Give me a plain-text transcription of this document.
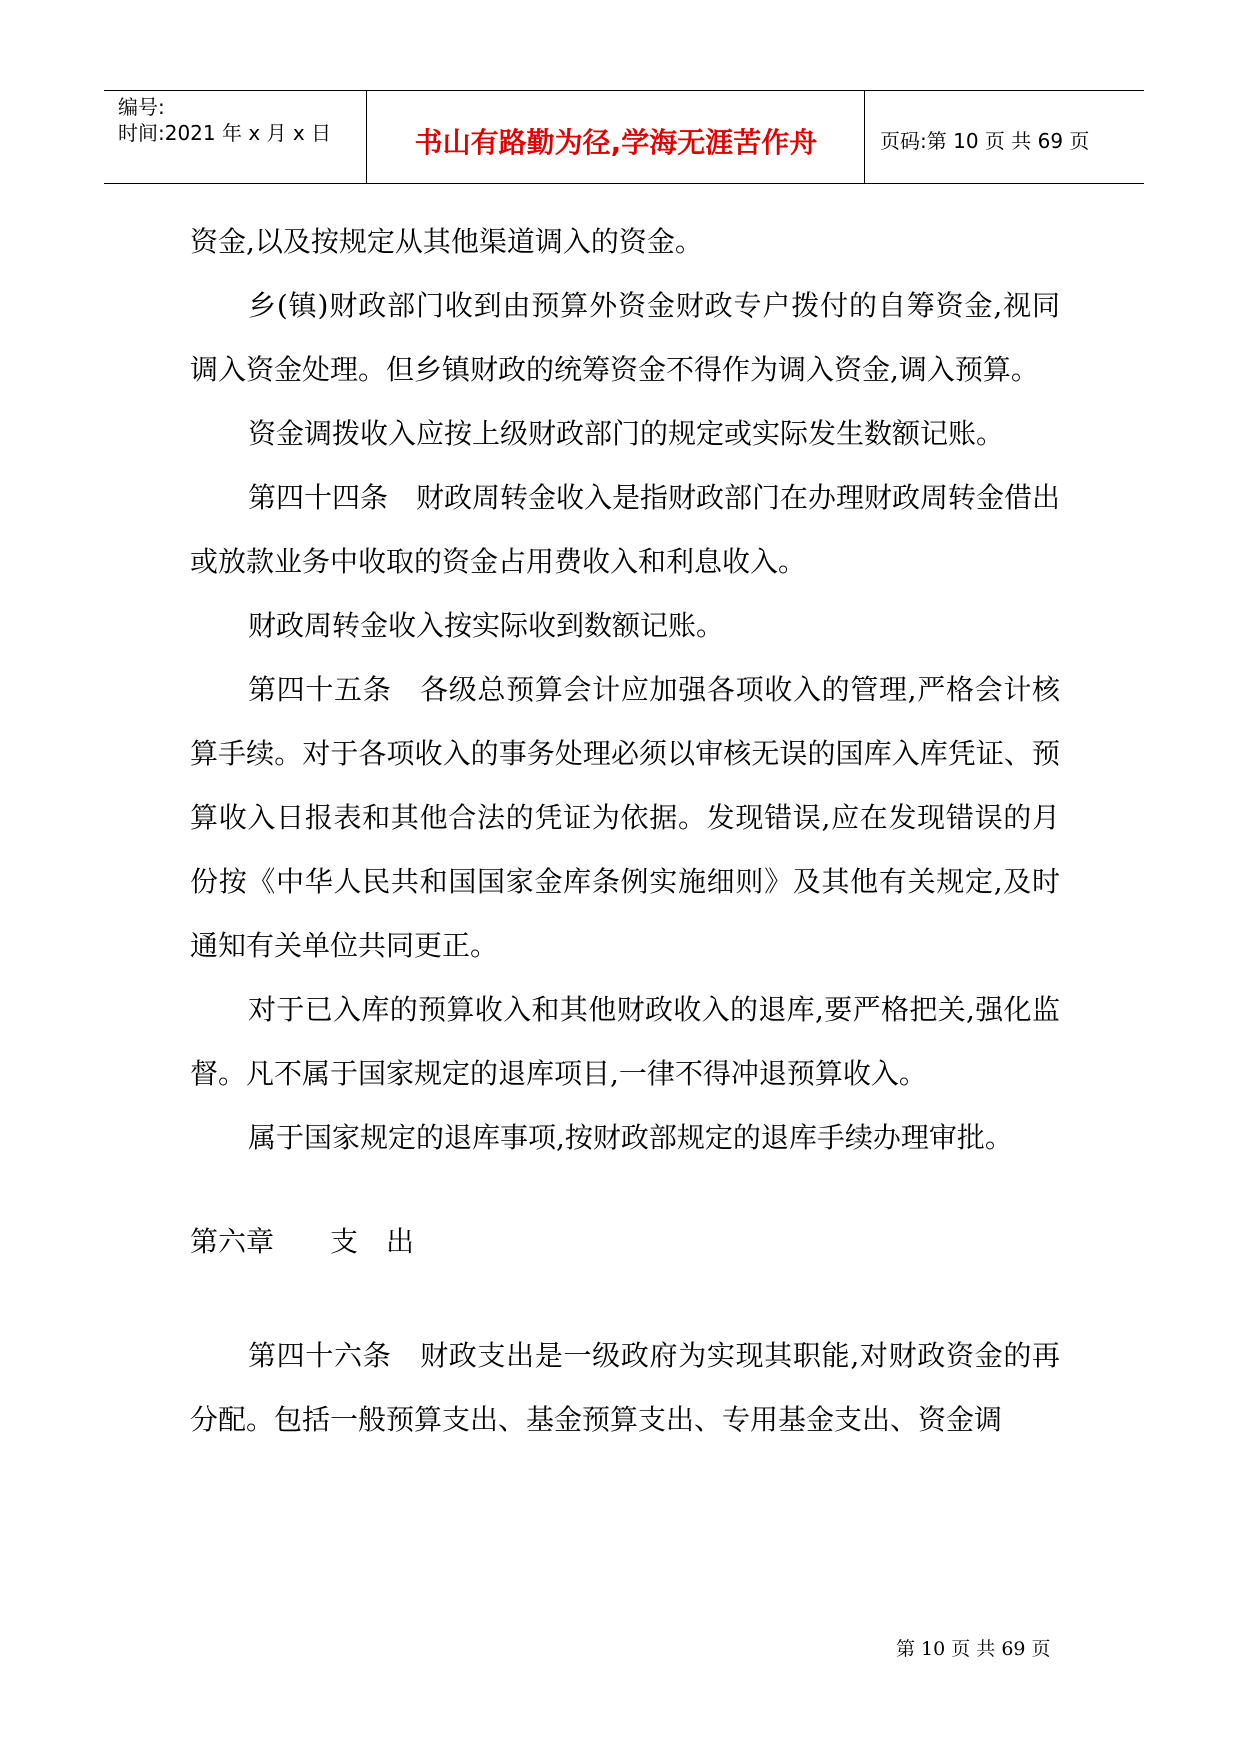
编号:
时间:2021 年 x 月 x 日	书山有路勤为径,学海无涯苦作舟	页码:第 10 页 共 69 页

资金,以及按规定从其他渠道调入的资金。

乡(镇)财政部门收到由预算外资金财政专户拨付的自筹资金,视同调入资金处理。但乡镇财政的统筹资金不得作为调入资金,调入预算。

资金调拨收入应按上级财政部门的规定或实际发生数额记账。

第四十四条　财政周转金收入是指财政部门在办理财政周转金借出或放款业务中收取的资金占用费收入和利息收入。

财政周转金收入按实际收到数额记账。

第四十五条　各级总预算会计应加强各项收入的管理,严格会计核算手续。对于各项收入的事务处理必须以审核无误的国库入库凭证、预算收入日报表和其他合法的凭证为依据。发现错误,应在发现错误的月份按《中华人民共和国国家金库条例实施细则》及其他有关规定,及时通知有关单位共同更正。

对于已入库的预算收入和其他财政收入的退库,要严格把关,强化监督。凡不属于国家规定的退库项目,一律不得冲退预算收入。

属于国家规定的退库事项,按财政部规定的退库手续办理审批。

第六章　　支　出

第四十六条　财政支出是一级政府为实现其职能,对财政资金的再分配。包括一般预算支出、基金预算支出、专用基金支出、资金调

第 10 页 共 69 页
